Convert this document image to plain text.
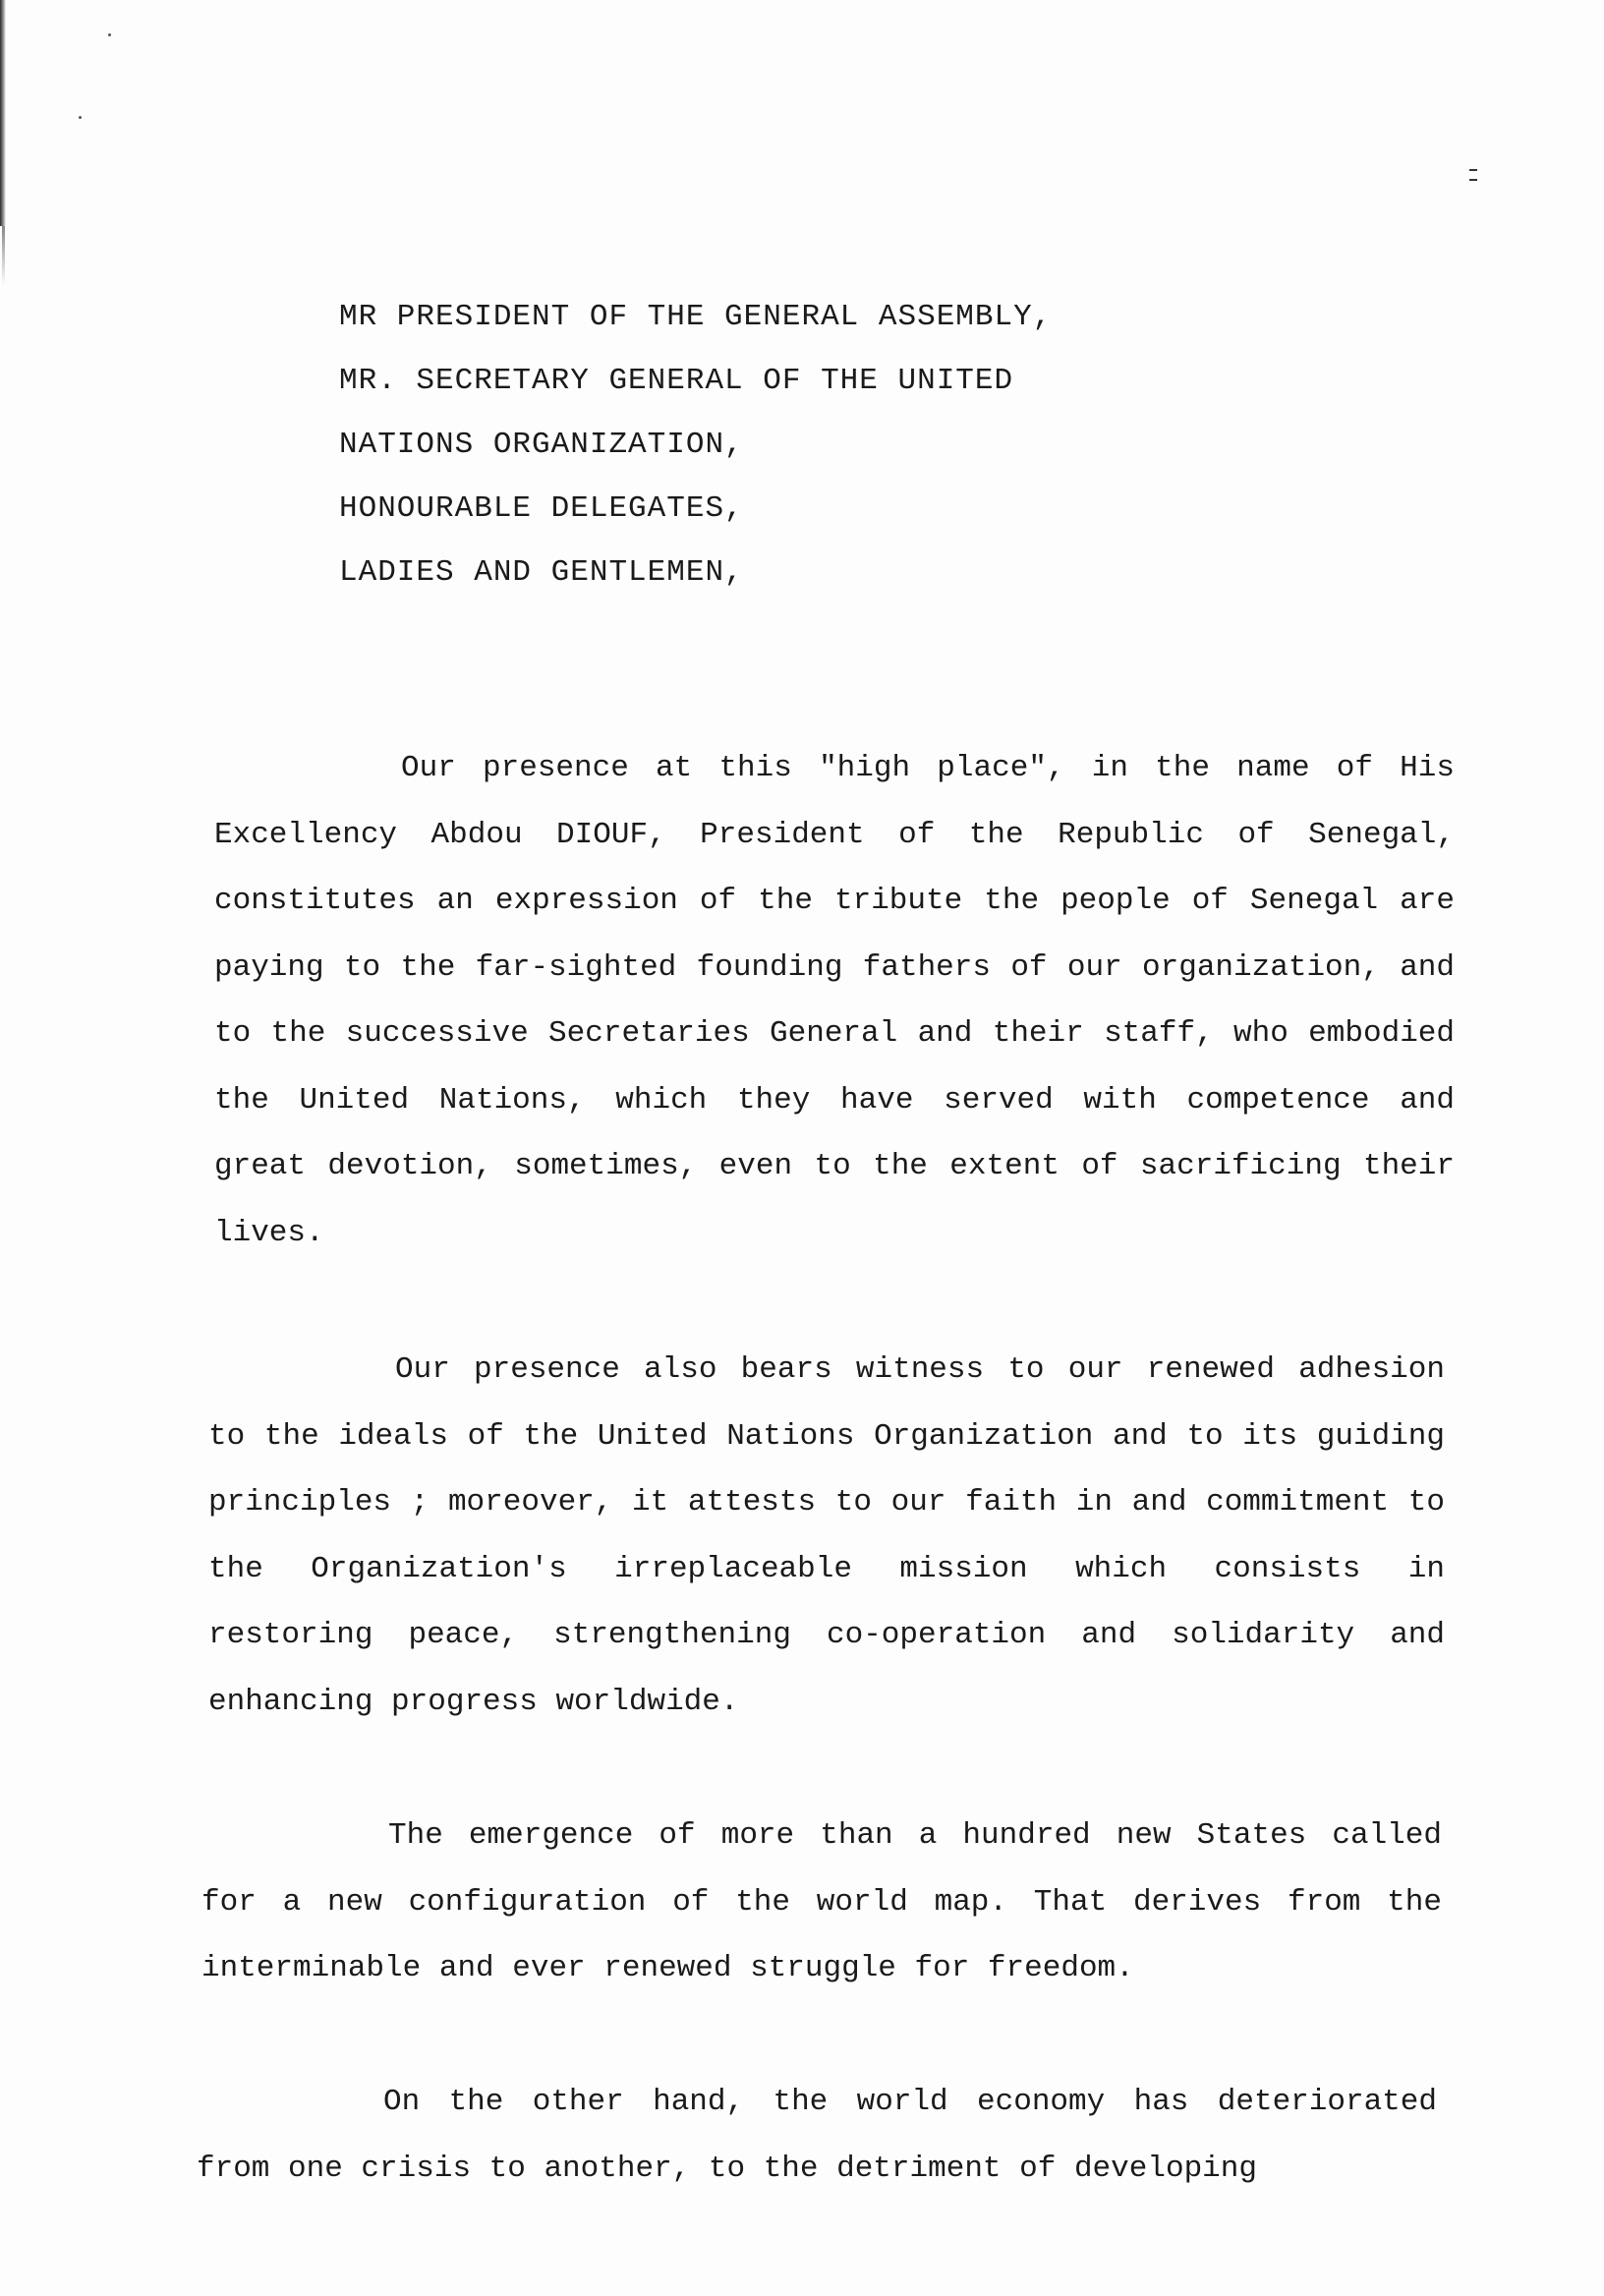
MR PRESIDENT OF THE GENERAL ASSEMBLY,
MR. SECRETARY GENERAL OF THE UNITED
NATIONS ORGANIZATION,
HONOURABLE DELEGATES,
LADIES AND GENTLEMEN,

Our presence at this "high place", in the name of His Excellency Abdou DIOUF, President of the Republic of Senegal, constitutes an expression of the tribute the people of Senegal are paying to the far-sighted founding fathers of our organization, and to the successive Secretaries General and their staff, who embodied the United Nations, which they have served with competence and great devotion, sometimes, even to the extent of sacrificing their lives.

Our presence also bears witness to our renewed adhesion to the ideals of the United Nations Organization and to its guiding principles ; moreover, it attests to our faith in and commitment to the Organization's irreplaceable mission which consists in restoring peace, strengthening co-operation and solidarity and enhancing progress worldwide.

The emergence of more than a hundred new States called for a new configuration of the world map. That derives from the interminable and ever renewed struggle for freedom.

On the other hand, the world economy has deteriorated from one crisis to another, to the detriment of developing
